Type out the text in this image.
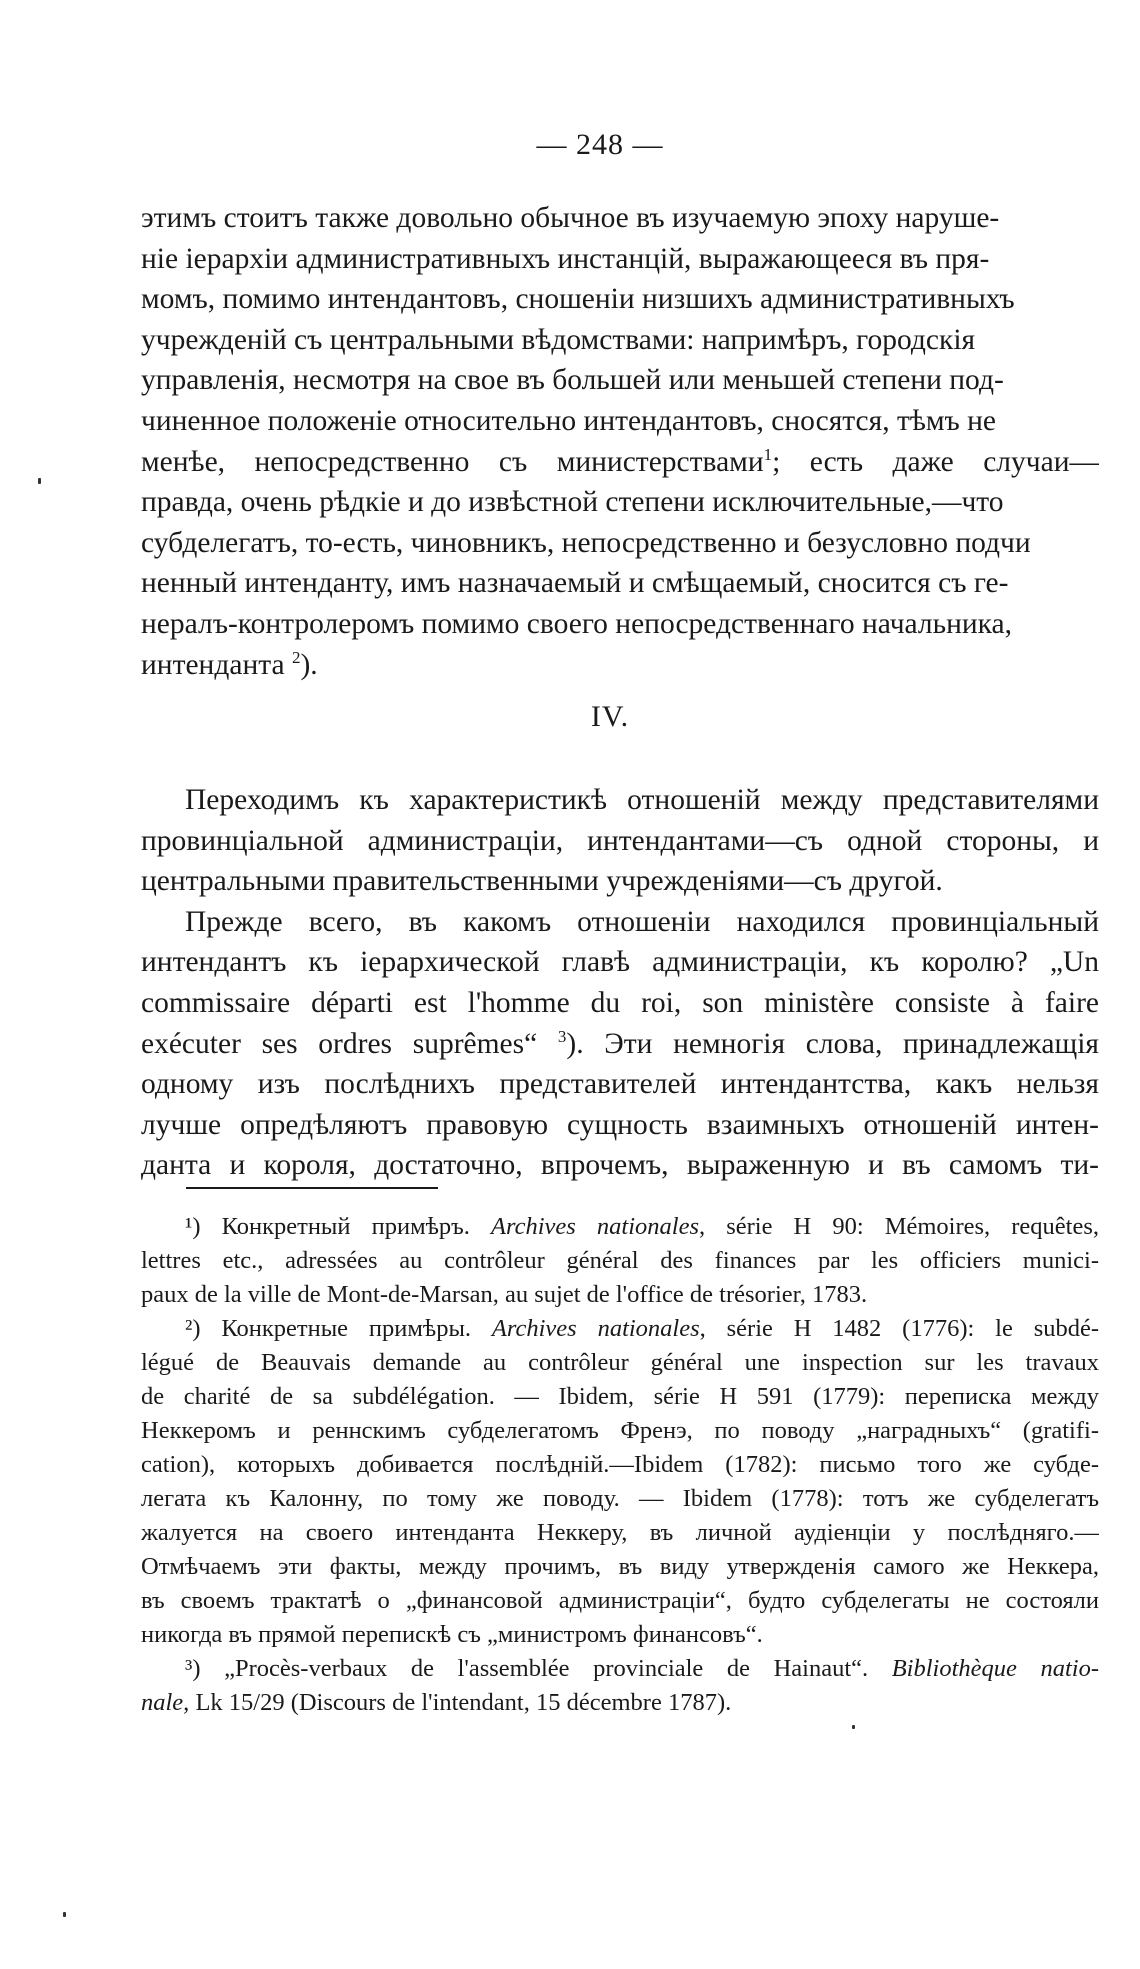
— 248 —
этимъ стоитъ также довольно обычное въ изучаемую эпоху наруше-
ніе іерархіи административныхъ инстанцій, выражающееся въ пря-
момъ, помимо интендантовъ, сношеніи низшихъ административныхъ
учрежденій съ центральными вѣдомствами: напримѣръ, городскія
управленія, несмотря на свое въ большей или меньшей степени под-
чиненное положеніе относительно интендантовъ, сносятся, тѣмъ не
менѣе, непосредственно съ министерствами$^1$; есть даже случаи—
правда, очень рѣдкіе и до извѣстной степени исключительные,—что
субделегатъ, то-есть, чиновникъ, непосредственно и безусловно подчи
ненный интенданту, имъ назначаемый и смѣщаемый, сносится съ ге-
нералъ-контролеромъ помимо своего непосредственнаго начальника,
интенданта $^2$).
IV.
Переходимъ къ характеристикѣ отношеній между представителями
провинціальной администраціи, интендантами—съ одной стороны, и
центральными правительственными учрежденіями—съ другой.
Прежде всего, въ какомъ отношеніи находился провинціальный
интендантъ къ іерархической главѣ администраціи, къ королю? „Un
commissaire départi est l'homme du roi, son ministère consiste à faire
exécuter ses ordres suprêmes“ $^3$). Эти немногія слова, принадлежащія
одному изъ послѣднихъ представителей интендантства, какъ нельзя
лучше опредѣляютъ правовую сущность взаимныхъ отношеній интен-
данта и короля, достаточно, впрочемъ, выраженную и въ самомъ ти-
¹) Конкретный примѣръ. Archives nationales, série H 90: Mémoires, requêtes,
lettres etc., adressées au contrôleur général des finances par les officiers munici-
paux de la ville de Mont-de-Marsan, au sujet de l'office de trésorier, 1783.
²) Конкретные примѣры. Archives nationales, série H 1482 (1776): le subdé-
légué de Beauvais demande au contrôleur général une inspection sur les travaux
de charité de sa subdélégation. — Ibidem, série H 591 (1779): переписка между
Неккеромъ и реннскимъ субделегатомъ Френэ, по поводу „наградныхъ“ (gratifi-
cation), которыхъ добивается послѣдній.—Ibidem (1782): письмо того же субде-
легата къ Калонну, по тому же поводу. — Ibidem (1778): тотъ же субделегатъ
жалуется на своего интенданта Неккеру, въ личной аудіенціи у послѣдняго.—
Отмѣчаемъ эти факты, между прочимъ, въ виду утвержденія самого же Неккера,
въ своемъ трактатѣ о „финансовой администраціи“, будто субделегаты не состояли
никогда въ прямой перепискѣ съ „министромъ финансовъ“.
³) „Procès-verbaux de l'assemblée provinciale de Hainaut“. Bibliothèque natio-
nale, Lk 15/29 (Discours de l'intendant, 15 décembre 1787).
